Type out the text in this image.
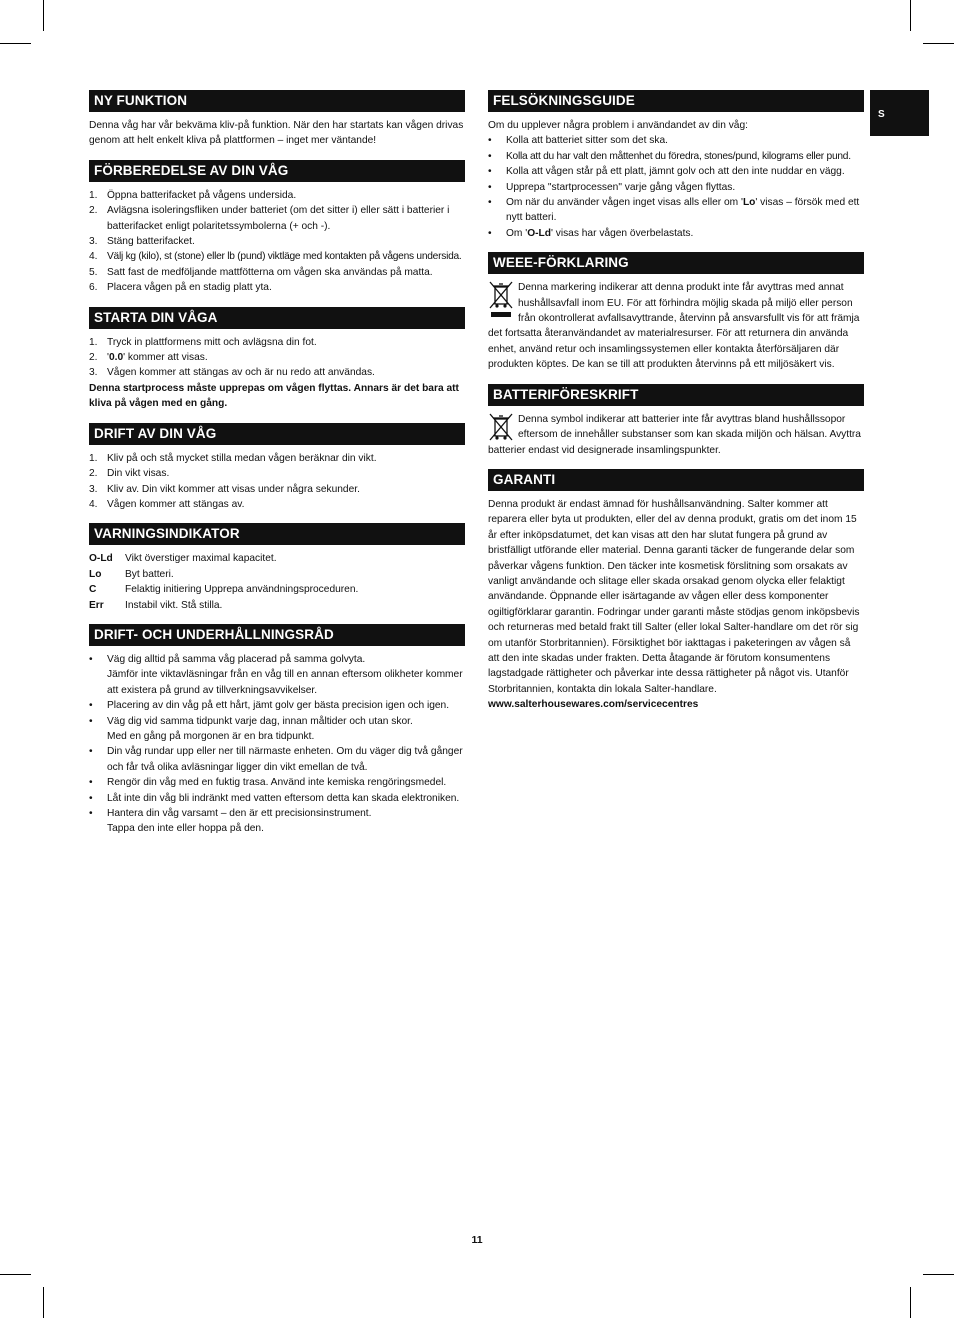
S
NY FUNKTION

Denna våg har vår bekväma kliv-på funktion. När den har startats kan vågen drivas genom att helt enkelt kliva på plattformen – inget mer väntande!

FÖRBEREDELSE AV DIN VÅG
1. Öppna batterifacket på vågens undersida.
2. Avlägsna isoleringsfliken under batteriet (om det sitter i) eller sätt i batterier i batterifacket enligt polaritetssymbolerna (+ och -).
3. Stäng batterifacket.
4. Välj kg (kilo), st (stone) eller lb (pund) viktläge med kontakten på vågens undersida.
5. Satt fast de medföljande mattfötterna om vågen ska användas på matta.
6. Placera vågen på en stadig platt yta.
STARTA DIN VÅGA
1. Tryck in plattformens mitt och avlägsna din fot.
2. '0.0' kommer att visas.
3. Vågen kommer att stängas av och är nu redo att användas.

Denna startprocess måste upprepas om vågen flyttas. Annars är det bara att kliva på vågen med en gång.

DRIFT AV DIN VÅG
1. Kliv på och stå mycket stilla medan vågen beräknar din vikt.
2. Din vikt visas.
3. Kliv av. Din vikt kommer att visas under några sekunder.
4. Vågen kommer att stängas av.
VARNINGSINDIKATOR
O-Ld	Vikt överstiger maximal kapacitet.
Lo	Byt batteri.
C	Felaktig initiering Upprepa användningsproceduren.
Err	Instabil vikt. Stå stilla.
DRIFT- OCH UNDERHÅLLNINGSRÅD
•	Väg dig alltid på samma våg placerad på samma golvyta.
Jämför inte viktavläsningar från en våg till en annan eftersom olikheter kommer att existera på grund av tillverkningsavvikelser.
•	Placering av din våg på ett hårt, jämt golv ger bästa precision igen och igen.
•	Väg dig vid samma tidpunkt varje dag, innan måltider och utan skor.
Med en gång på morgonen är en bra tidpunkt.
•	Din våg rundar upp eller ner till närmaste enheten. Om du väger dig två gånger och får två olika avläsningar ligger din vikt emellan de två.
•	Rengör din våg med en fuktig trasa. Använd inte kemiska rengöringsmedel.
•	Låt inte din våg bli indränkt med vatten eftersom detta kan skada elektroniken.
•	Hantera din våg varsamt – den är ett precisionsinstrument.
Tappa den inte eller hoppa på den.
FELSÖKNINGSGUIDE

Om du upplever några problem i användandet av din våg:

•	Kolla att batteriet sitter som det ska.
•	Kolla att du har valt den måttenhet du föredra, stones/pund, kilograms eller pund.
•	Kolla att vågen står på ett platt, jämnt golv och att den inte nuddar en vägg.
•	Upprepa "startprocessen" varje gång vågen flyttas.
•	Om när du använder vågen inget visas alls eller om 'Lo' visas – försök med ett nytt batteri.
•	Om 'O-Ld' visas har vågen överbelastats.
WEEE-FÖRKLARING

Denna markering indikerar att denna produkt inte får avyttras med annat hushållsavfall inom EU. För att förhindra möjlig skada på miljö eller person från okontrollerat avfallsavyttrande, återvinn på ansvarsfullt vis för att främja det fortsatta återanvändandet av materialresurser. För att returnera din använda enhet, använd retur och insamlingssystemen eller kontakta återförsäljaren där produkten köptes. De kan se till att produkten återvinns på ett miljösäkert vis.

BATTERIFÖRESKRIFT

Denna symbol indikerar att batterier inte får avyttras bland hushållssopor eftersom de innehåller substanser som kan skada miljön och hälsan. Avyttra batterier endast vid designerade insamlingspunkter.

GARANTI

Denna produkt är endast ämnad för hushållsanvändning. Salter kommer att reparera eller byta ut produkten, eller del av denna produkt, gratis om det inom 15 år efter inköpsdatumet, det kan visas att den har slutat fungera på grund av bristfälligt utförande eller material. Denna garanti täcker de fungerande delar som påverkar vågens funktion. Den täcker inte kosmetisk förslitning som orsakats av vanligt användande och slitage eller skada orsakad genom olycka eller felaktigt användande. Öppnande eller isärtagande av vågen eller dess komponenter ogiltigförklarar garantin. Fodringar under garanti måste stödjas genom inköpsbevis och returneras med betald frakt till Salter (eller lokal Salter-handlare om det rör sig om utanför Storbritannien). Försiktighet bör iakttagas i paketeringen av vågen så att den inte skadas under frakten. Detta åtagande är förutom konsumentens lagstadgade rättigheter och påverkar inte dessa rättigheter på något vis. Utanför Storbritannien, kontakta din lokala Salter-handlare.

www.salterhousewares.com/servicecentres

11
